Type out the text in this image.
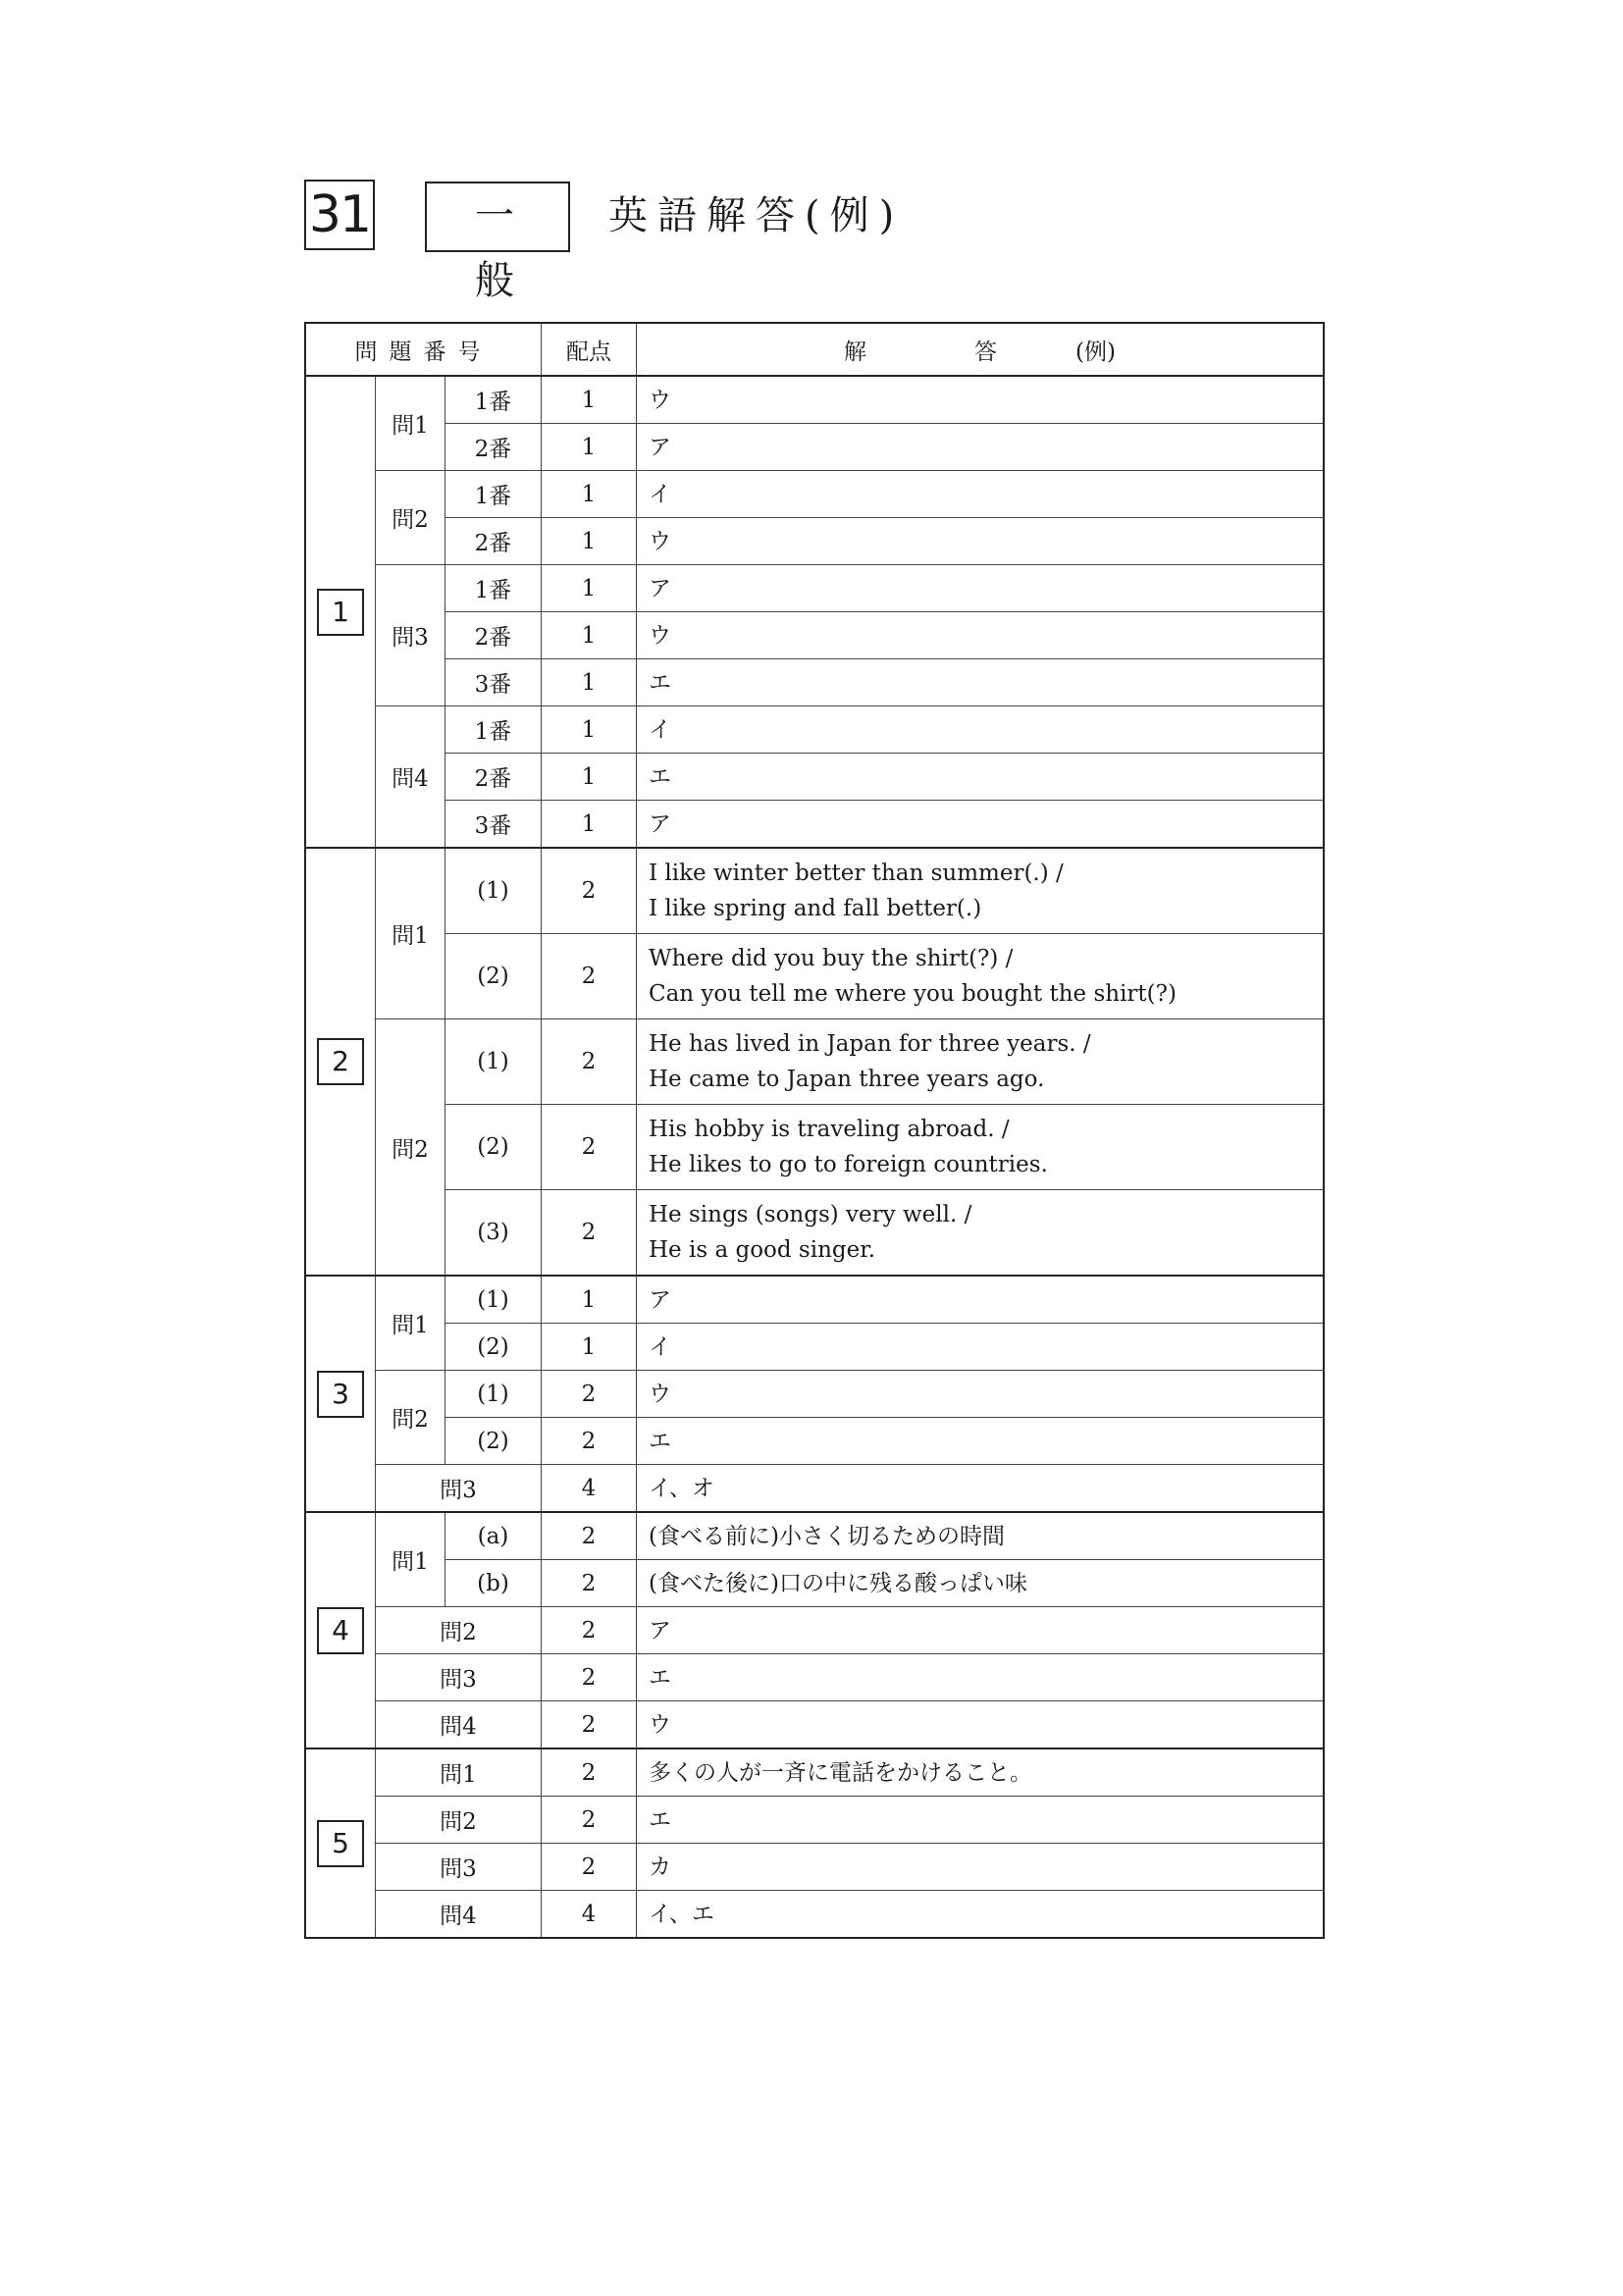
31	一 般
英語解答(例)
問題番号			配点	解 答 (例)
1	問1	1番	1	ウ
		2番	1	ア
	問2	1番	1	イ
		2番	1	ウ
	問3	1番	1	ア
		2番	1	ウ
		3番	1	エ
	問4	1番	1	イ
		2番	1	エ
		3番	1	ア
2	問1	(1)	2	I like winter better than summer(.) /
I like spring and fall better(.)

		(2)	2	Where did you buy the shirt(?) /
Can you tell me where you bought the shirt(?)

	問2	(1)	2	He has lived in Japan for three years. /
He came to Japan three years ago.

		(2)	2	His hobby is traveling abroad. /
He likes to go to foreign countries.

		(3)	2	He sings (songs) very well. /
He is a good singer.

3	問1	(1)	1	ア
		(2)	1	イ
	問2	(1)	2	ウ
		(2)	2	エ
	問3		4	イ、オ
4	問1	(a)	2	(食べる前に)小さく切るための時間
		(b)	2	(食べた後に)口の中に残る酸っぱい味
	問2		2	ア
	問3		2	エ
	問4		2	ウ
5	問1		2	多くの人が一斉に電話をかけること。
	問2		2	エ
	問3		2	カ
	問4		4	イ、エ
